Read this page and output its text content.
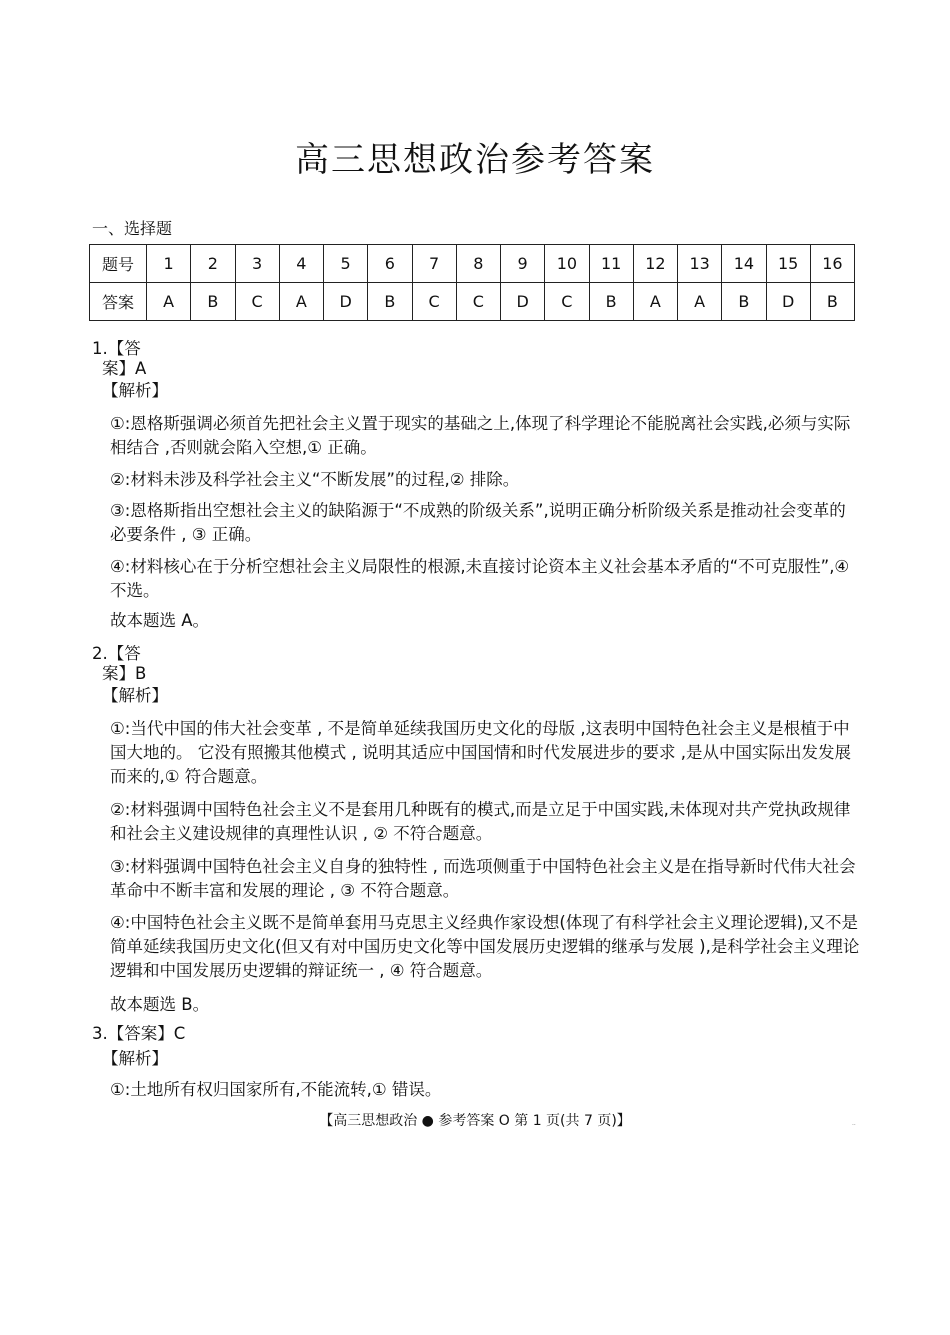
高三思想政治参考答案
一、选择题
题号	1	2	3	4	5	6	7	8	9	10	11	12	13	14	15	16
答案	A	B	C	A	D	B	C	C	D	C	B	A	A	B	D	B
1.【答
案】A
【解析】

①:恩格斯强调必须首先把社会主义置于现实的基础之上,体现了科学理论不能脱离社会实践,必须与实际相结合 ,否则就会陷入空想,① 正确。

②:材料未涉及科学社会主义“不断发展”的过程,② 排除。

③:恩格斯指出空想社会主义的缺陷源于“不成熟的阶级关系”,说明正确分析阶级关系是推动社会变革的必要条件 , ③ 正确。

④:材料核心在于分析空想社会主义局限性的根源,未直接讨论资本主义社会基本矛盾的“不可克服性”,④ 不选。

故本题选 A。

2.【答
案】B
【解析】

①:当代中国的伟大社会变革 , 不是简单延续我国历史文化的母版 ,这表明中国特色社会主义是根植于中国大地的。 它没有照搬其他模式 , 说明其适应中国国情和时代发展进步的要求 ,是从中国实际出发发展而来的,① 符合题意。

②:材料强调中国特色社会主义不是套用几种既有的模式,而是立足于中国实践,未体现对共产党执政规律和社会主义建设规律的真理性认识 , ② 不符合题意。

③:材料强调中国特色社会主义自身的独特性 , 而选项侧重于中国特色社会主义是在指导新时代伟大社会革命中不断丰富和发展的理论 , ③ 不符合题意。

④:中国特色社会主义既不是简单套用马克思主义经典作家设想(体现了有科学社会主义理论逻辑),又不是简单延续我国历史文化(但又有对中国历史文化等中国发展历史逻辑的继承与发展 ),是科学社会主义理论逻辑和中国发展历史逻辑的辩证统一 , ④ 符合题意。

故本题选 B。

3.【答案】C
【解析】

①:土地所有权归国家所有,不能流转,① 错误。

【高三思想政治 ● 参考答案 O 第 1 页(共 7 页)】	..
